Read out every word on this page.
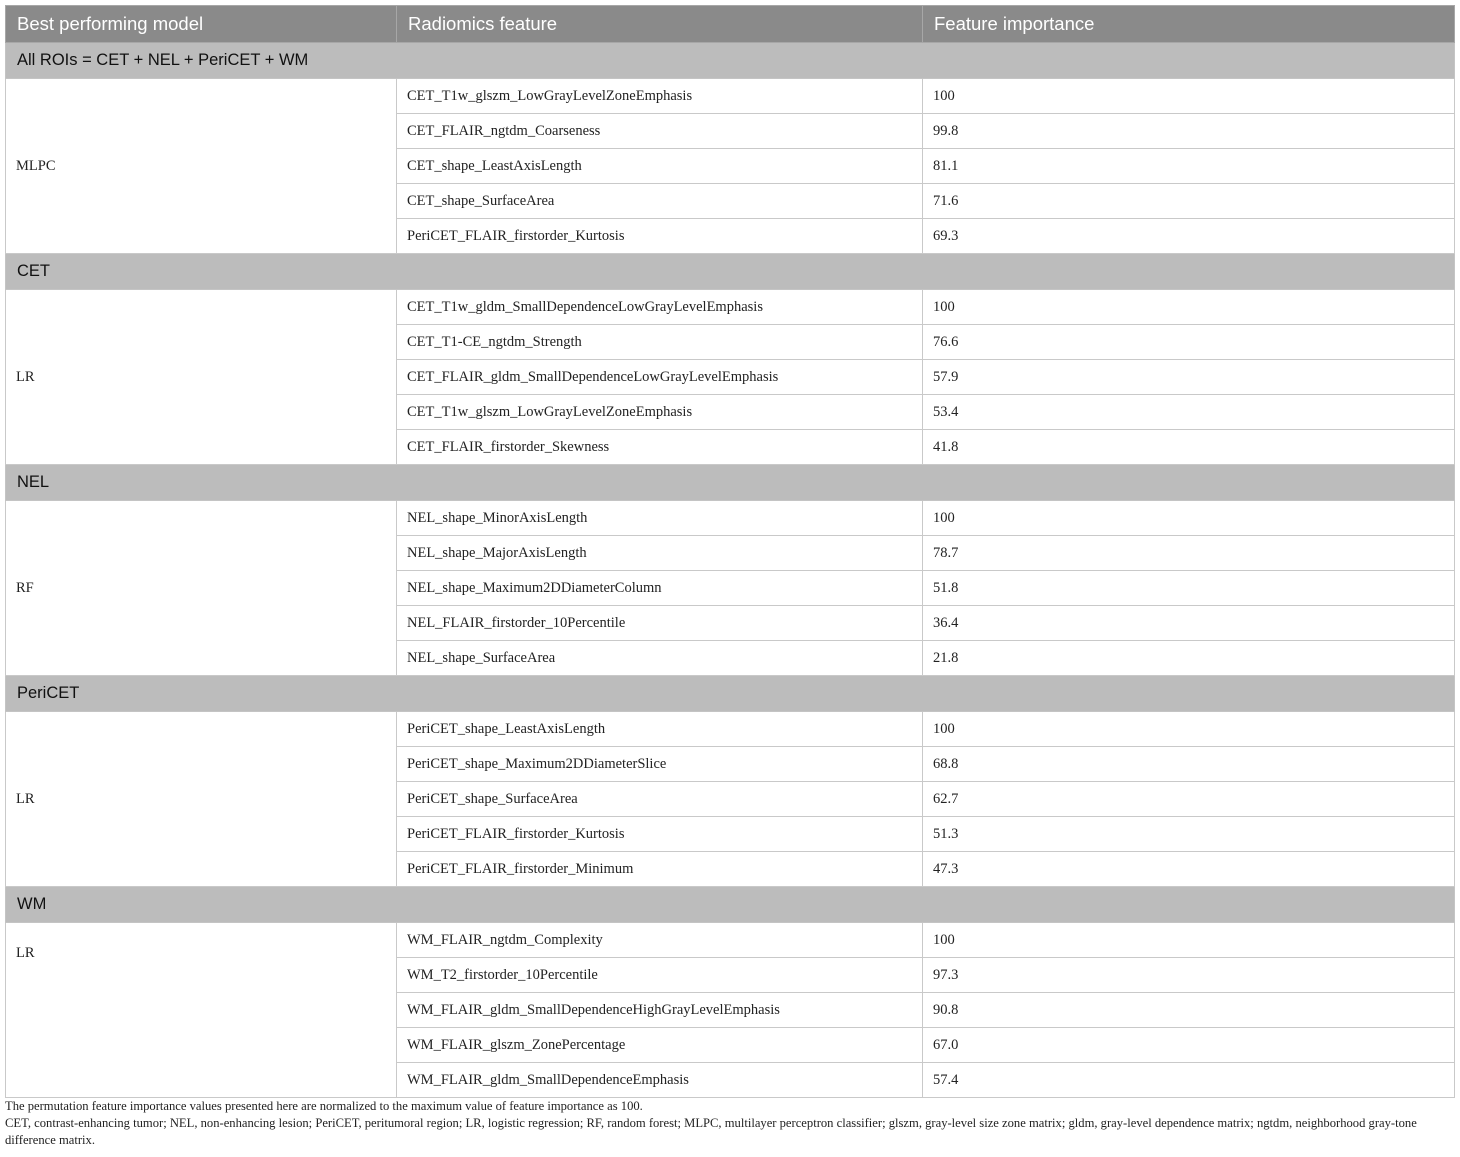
Best performing model	Radiomics feature	Feature importance
All ROIs = CET + NEL + PeriCET + WM		
MLPC	CET_T1w_glszm_LowGrayLevelZoneEmphasis	100
	CET_FLAIR_ngtdm_Coarseness	99.8
	CET_shape_LeastAxisLength	81.1
	CET_shape_SurfaceArea	71.6
	PeriCET_FLAIR_firstorder_Kurtosis	69.3
CET		
LR	CET_T1w_gldm_SmallDependenceLowGrayLevelEmphasis	100
	CET_T1-CE_ngtdm_Strength	76.6
	CET_FLAIR_gldm_SmallDependenceLowGrayLevelEmphasis	57.9
	CET_T1w_glszm_LowGrayLevelZoneEmphasis	53.4
	CET_FLAIR_firstorder_Skewness	41.8
NEL		
RF	NEL_shape_MinorAxisLength	100
	NEL_shape_MajorAxisLength	78.7
	NEL_shape_Maximum2DDiameterColumn	51.8
	NEL_FLAIR_firstorder_10Percentile	36.4
	NEL_shape_SurfaceArea	21.8
PeriCET		
LR	PeriCET_shape_LeastAxisLength	100
	PeriCET_shape_Maximum2DDiameterSlice	68.8
	PeriCET_shape_SurfaceArea	62.7
	PeriCET_FLAIR_firstorder_Kurtosis	51.3
	PeriCET_FLAIR_firstorder_Minimum	47.3
WM		
LR	WM_FLAIR_ngtdm_Complexity	100
	WM_T2_firstorder_10Percentile	97.3
	WM_FLAIR_gldm_SmallDependenceHighGrayLevelEmphasis	90.8
	WM_FLAIR_glszm_ZonePercentage	67.0
	WM_FLAIR_gldm_SmallDependenceEmphasis	57.4

The permutation feature importance values presented here are normalized to the maximum value of feature importance as 100.

CET, contrast-enhancing tumor; NEL, non-enhancing lesion; PeriCET, peritumoral region; LR, logistic regression; RF, random forest; MLPC, multilayer perceptron classifier; glszm, gray-level size zone matrix; gldm, gray-level dependence matrix; ngtdm, neighborhood gray-tone difference matrix.
